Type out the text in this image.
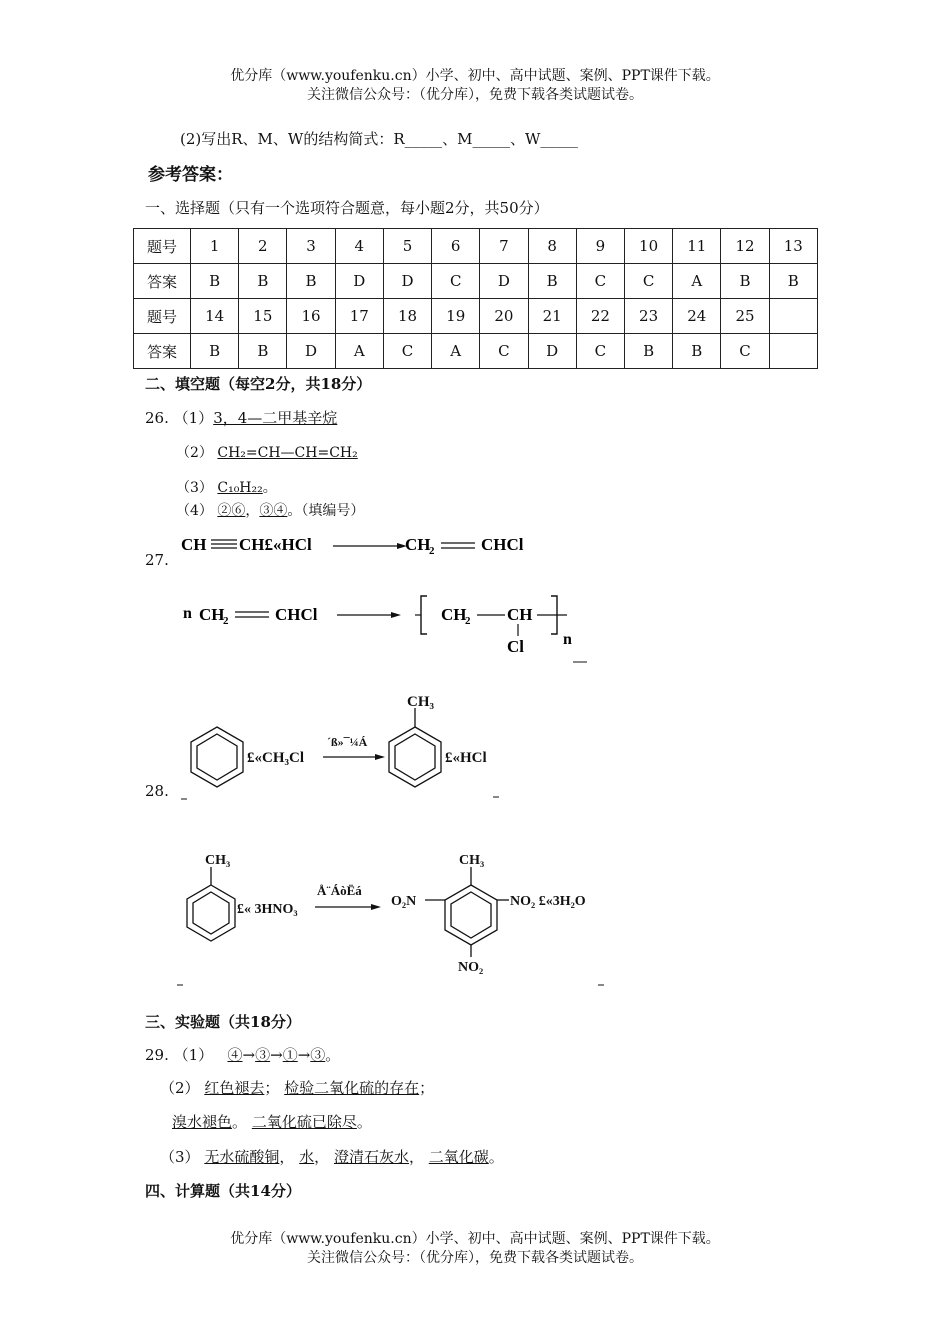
优分库（www.youfenku.cn）小学、初中、高中试题、案例、PPT课件下载。
关注微信公众号：（优分库），免费下载各类试题试卷。
(2)写出R、M、W的结构简式：R_____、M_____、W_____
参考答案：
一、选择题（只有一个选项符合题意，每小题2分，共50分）
题号	1	2	3	4	5	6	7	8	9	10	11	12	13
答案	B	B	B	D	D	C	D	B	C	C	A	B	B
题号	14	15	16	17	18	19	20	21	22	23	24	25	
答案	B	B	D	A	C	A	C	D	C	B	B	C	
二、填空题（每空2分，共18分）
26. （1）3，4—二甲基辛烷
（2） CH₂=CH—CH=CH₂
（3） C₁₀H₂₂。
（4） ②⑥，③④。（填编号）
27.
CH CH£«HCl	CH
2	CHCl
n CH
2	CHCl	CH
2 CH
Cl n
28.
£«CH₃Cl
´ß»¯¼Á
CH₃
£«HCl
CH₃
£« 3HNO₃
Å¨ÁòËá
CH₃
O₂N	NO₂ £«3H₂O
NO₂
三、实验题（共18分）
29. （1） ④→③→①→③。
（2） 红色褪去； 检验二氧化硫的存在；
溴水褪色。 二氧化硫已除尽。
（3） 无水硫酸铜， 水， 澄清石灰水， 二氧化碳。
四、计算题（共14分）
优分库（www.youfenku.cn）小学、初中、高中试题、案例、PPT课件下载。
关注微信公众号：（优分库），免费下载各类试题试卷。
